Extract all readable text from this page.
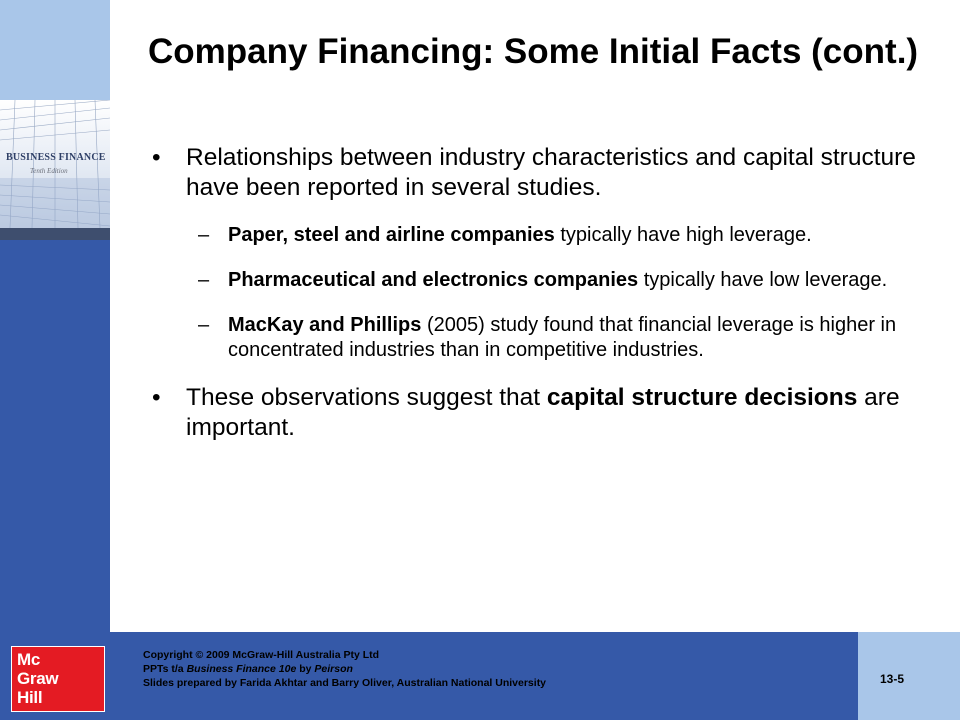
BUSINESS FINANCE
Tenth Edition
Company Financing: Some Initial Facts (cont.)
• Relationships between industry characteristics and capital structure have been reported in several studies.
– Paper, steel and airline companies typically have high leverage.
– Pharmaceutical and electronics companies typically have low leverage.
– MacKay and Phillips (2005) study found that financial leverage is higher in concentrated industries than in competitive industries.
• These observations suggest that capital structure decisions are important.
Mc
Graw
Hill
Copyright © 2009 McGraw-Hill Australia Pty Ltd
PPTs t/a Business Finance 10e by Peirson
Slides prepared by Farida Akhtar and Barry Oliver, Australian National University	13-5
